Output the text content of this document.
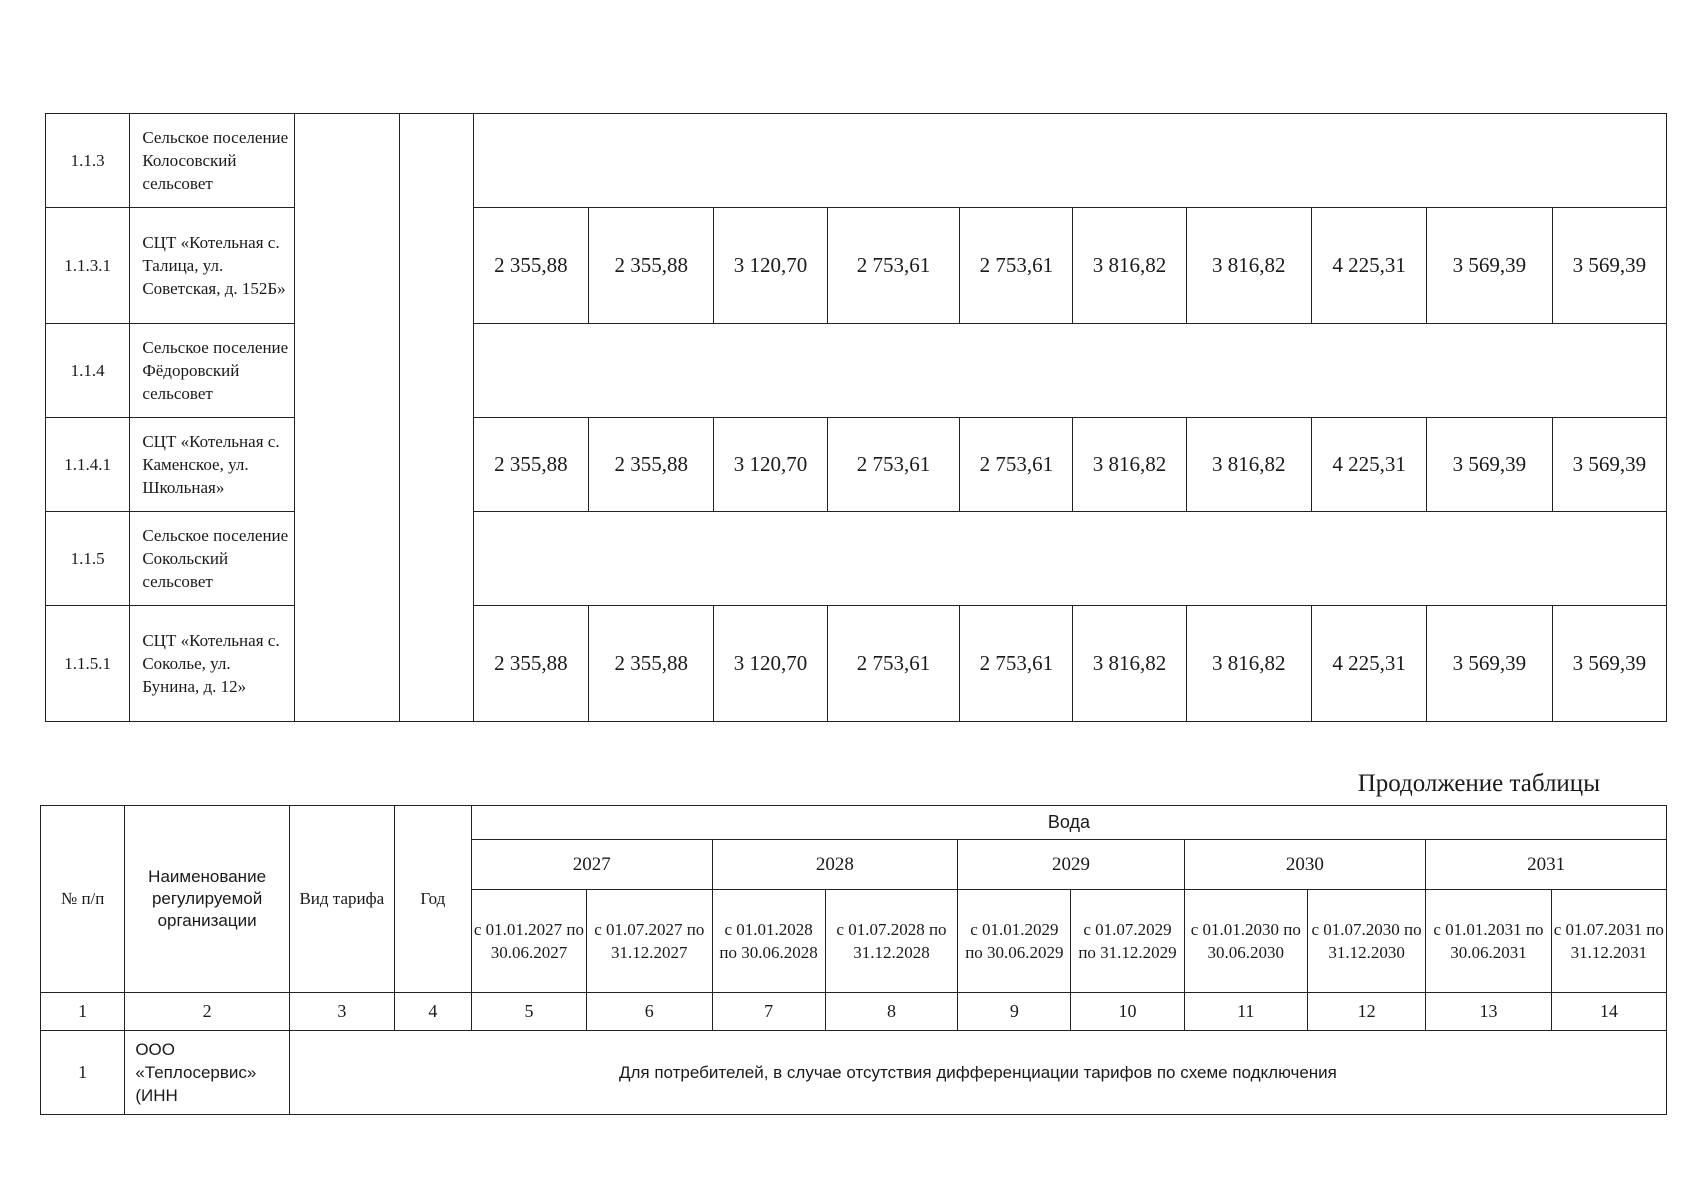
1.1.3	Сельское поселение Колосовский сельсовет												
1.1.3.1	СЦТ «Котельная с. Талица, ул. Советская, д. 152Б»			2 355,88	2 355,88	3 120,70	2 753,61	2 753,61	3 816,82	3 816,82	4 225,31	3 569,39	3 569,39
1.1.4	Сельское поселение Фёдоровский сельсовет												
1.1.4.1	СЦТ «Котельная с. Каменское, ул. Школьная»			2 355,88	2 355,88	3 120,70	2 753,61	2 753,61	3 816,82	3 816,82	4 225,31	3 569,39	3 569,39
1.1.5	Сельское поселение Сокольский сельсовет												
1.1.5.1	СЦТ «Котельная с. Соколье, ул. Бунина, д. 12»			2 355,88	2 355,88	3 120,70	2 753,61	2 753,61	3 816,82	3 816,82	4 225,31	3 569,39	3 569,39
Продолжение таблицы
№ п/п	Наименование регулируемой организации	Вид тарифа	Год	Вода									
				2027		2028		2029		2030		2031	
				с 01.01.2027 по 30.06.2027	с 01.07.2027 по 31.12.2027	с 01.01.2028 по 30.06.2028	с 01.07.2028 по 31.12.2028	с 01.01.2029 по 30.06.2029	с 01.07.2029 по 31.12.2029	с 01.01.2030 по 30.06.2030	с 01.07.2030 по 31.12.2030	с 01.01.2031 по 30.06.2031	с 01.07.2031 по 31.12.2031
1	2	3	4	5	6	7	8	9	10	11	12	13	14
1	ООО «Теплосервис» (ИНН	Для потребителей, в случае отсутствия дифференциации тарифов по схеме подключения											
